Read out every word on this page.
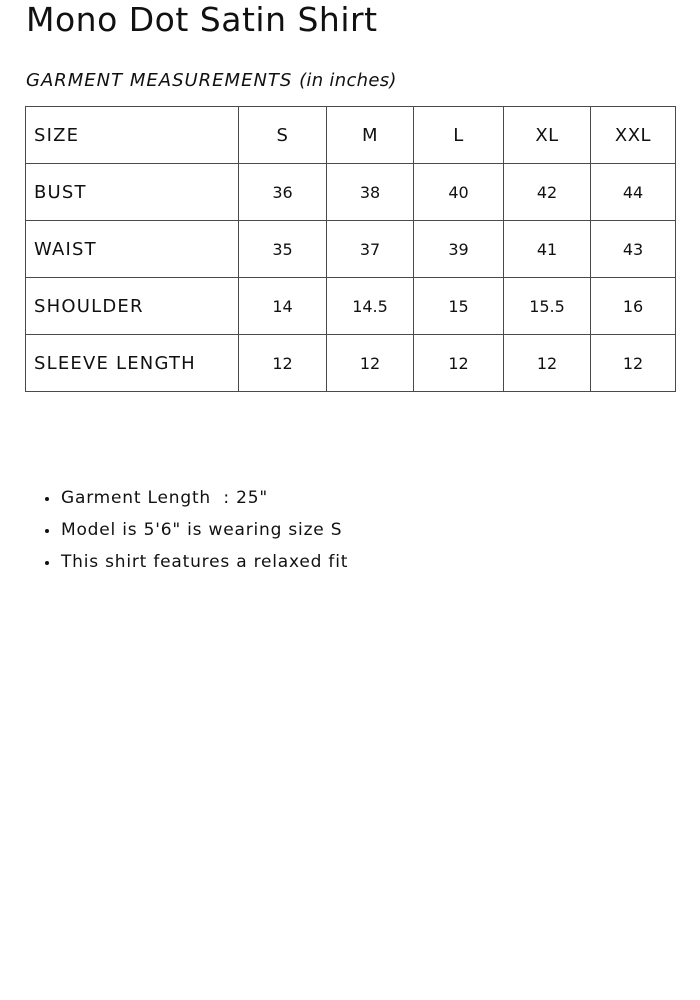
Mono Dot Satin Shirt
GARMENT MEASUREMENTS (in inches)
SIZE	S	M	L	XL	XXL
BUST	36	38	40	42	44
WAIST	35	37	39	41	43
SHOULDER	14	14.5	15	15.5	16
SLEEVE LENGTH	12	12	12	12	12
Garment Length  : 25"
Model is 5'6" is wearing size S
This shirt features a relaxed fit
